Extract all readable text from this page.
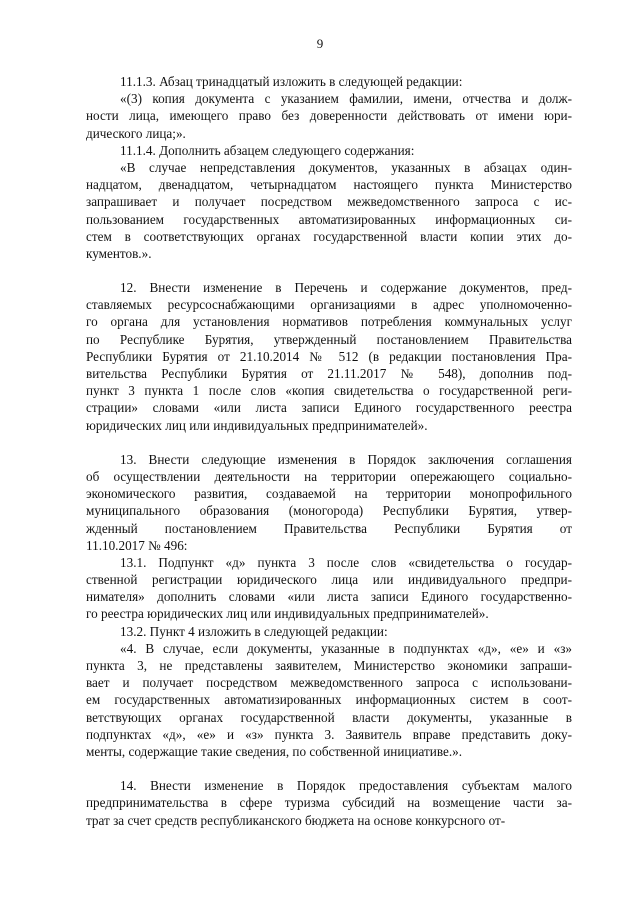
9
11.1.3. Абзац тринадцатый изложить в следующей редакции:
«(3) копия документа с указанием фамилии, имени, отчества и долж-
ности лица, имеющего право без доверенности действовать от имени юри-
дического лица;».
11.1.4. Дополнить абзацем следующего содержания:
«В случае непредставления документов, указанных в абзацах один-
надцатом, двенадцатом, четырнадцатом настоящего пункта Министерство
запрашивает и получает посредством межведомственного запроса с ис-
пользованием государственных автоматизированных информационных си-
стем в соответствующих органах государственной власти копии этих до-
кументов.».
12. Внести изменение в Перечень и содержание документов, пред-
ставляемых ресурсоснабжающими организациями в адрес уполномоченно-
го органа для установления нормативов потребления коммунальных услуг
по Республике Бурятия, утвержденный постановлением Правительства
Республики Бурятия от 21.10.2014 № 512 (в редакции постановления Пра-
вительства Республики Бурятия от 21.11.2017 № 548), дополнив под-
пункт 3 пункта 1 после слов «копия свидетельства о государственной реги-
страции» словами «или листа записи Единого государственного реестра
юридических лиц или индивидуальных предпринимателей».
13. Внести следующие изменения в Порядок заключения соглашения
об осуществлении деятельности на территории опережающего социально-
экономического развития, создаваемой на территории монопрофильного
муниципального образования (моногорода) Республики Бурятия, утвер-
жденный постановлением Правительства Республики Бурятия от
11.10.2017 № 496:
13.1. Подпункт «д» пункта 3 после слов «свидетельства о государ-
ственной регистрации юридического лица или индивидуального предпри-
нимателя» дополнить словами «или листа записи Единого государственно-
го реестра юридических лиц или индивидуальных предпринимателей».
13.2. Пункт 4 изложить в следующей редакции:
«4. В случае, если документы, указанные в подпунктах «д», «е» и «з»
пункта 3, не представлены заявителем, Министерство экономики запраши-
вает и получает посредством межведомственного запроса с использовани-
ем государственных автоматизированных информационных систем в соот-
ветствующих органах государственной власти документы, указанные в
подпунктах «д», «е» и «з» пункта 3. Заявитель вправе представить доку-
менты, содержащие такие сведения, по собственной инициативе.».
14. Внести изменение в Порядок предоставления субъектам малого
предпринимательства в сфере туризма субсидий на возмещение части за-
трат за счет средств республиканского бюджета на основе конкурсного от-
